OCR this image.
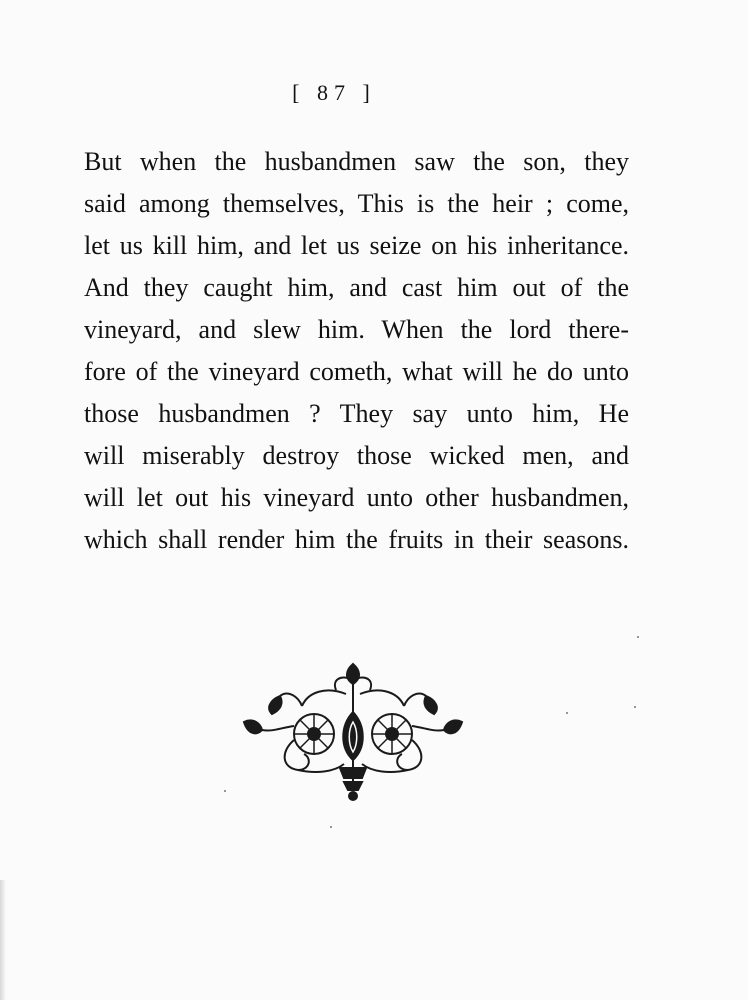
[ 87 ]
But when the husbandmen saw the son, they
said among themselves, This is the heir ; come,
let us kill him, and let us seize on his inheritance.
And they caught him, and cast him out of the
vineyard, and slew him. When the lord there-
fore of the vineyard cometh, what will he do unto
those husbandmen ? They say unto him, He
will miserably destroy those wicked men, and
will let out his vineyard unto other husbandmen,
which shall render him the fruits in their seasons.
